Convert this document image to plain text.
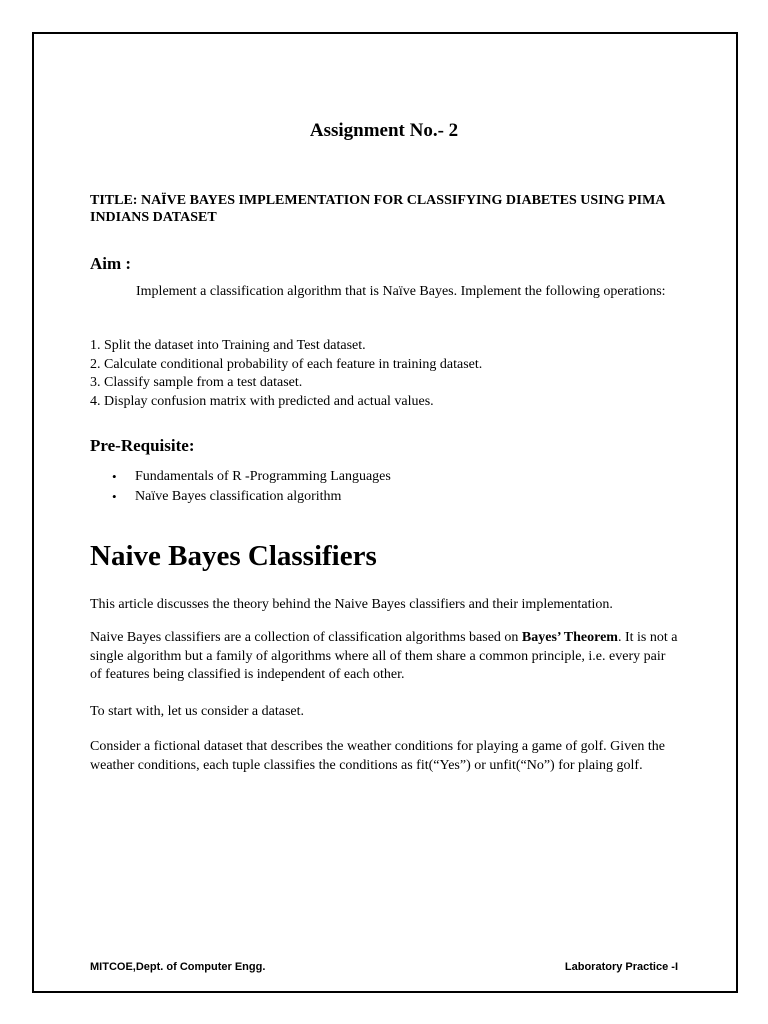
Assignment No.- 2

TITLE: NAÏVE BAYES IMPLEMENTATION FOR CLASSIFYING DIABETES USING PIMA INDIANS DATASET

Aim :

Implement a classification algorithm that is Naïve Bayes. Implement the following operations:

1. Split the dataset into Training and Test dataset.
2. Calculate conditional probability of each feature in training dataset.
3. Classify sample from a test dataset.
4. Display confusion matrix with predicted and actual values.
Pre-Requisite:
• Fundamentals of R -Programming Languages
• Naïve Bayes classification algorithm
Naive Bayes Classifiers

This article discusses the theory behind the Naive Bayes classifiers and their implementation.

Naive Bayes classifiers are a collection of classification algorithms based on Bayes’ Theorem. It is not a single algorithm but a family of algorithms where all of them share a common principle, i.e. every pair of features being classified is independent of each other.

To start with, let us consider a dataset.

Consider a fictional dataset that describes the weather conditions for playing a game of golf. Given the weather conditions, each tuple classifies the conditions as fit(“Yes”) or unfit(“No”) for plaing golf.

MITCOE,Dept. of Computer Engg.	Laboratory Practice -I
